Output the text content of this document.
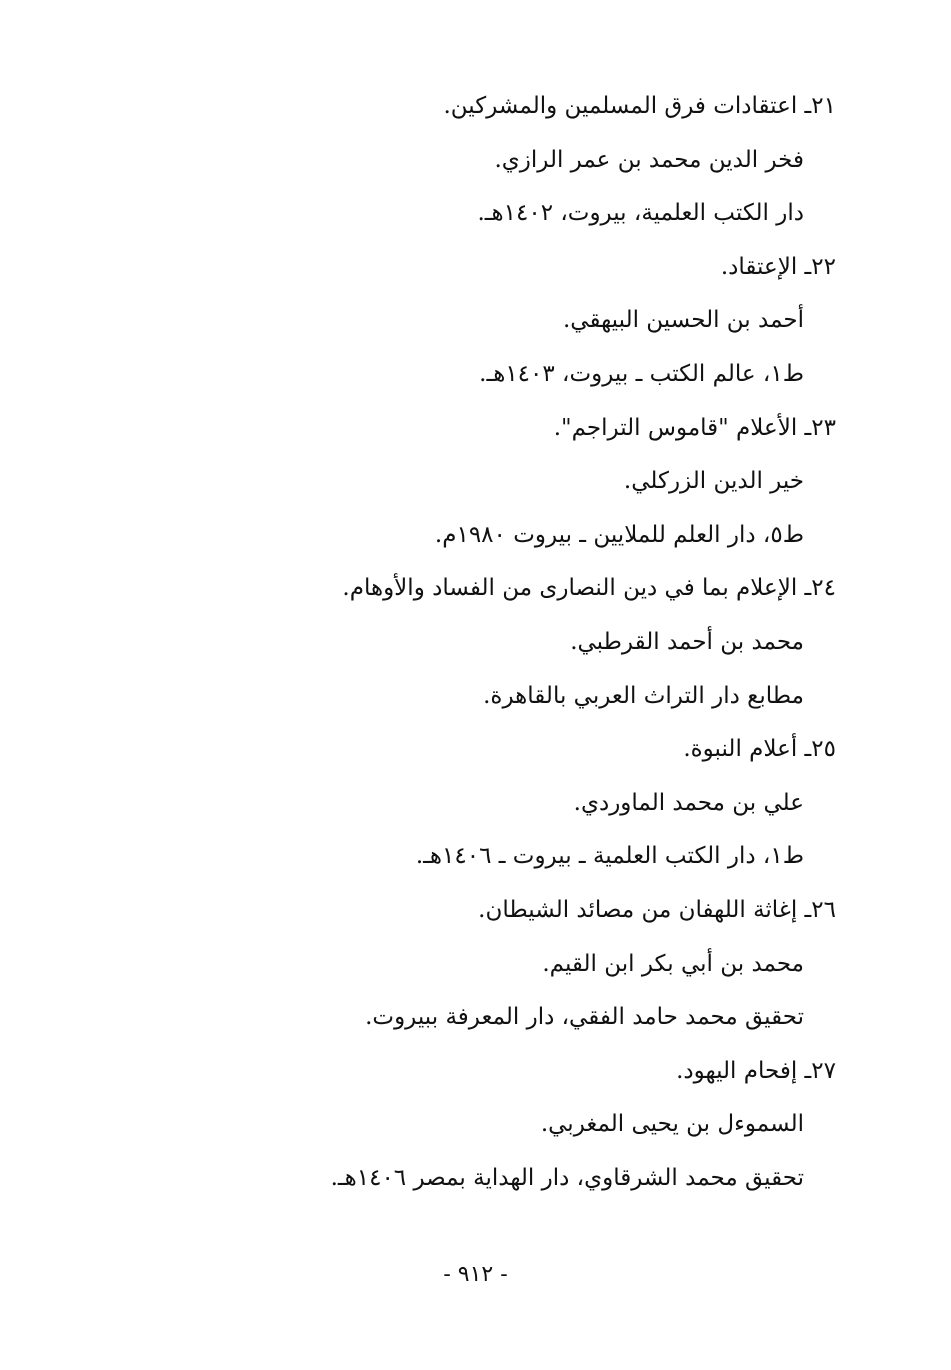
٢١ـ اعتقادات فرق المسلمين والمشركين.
فخر الدين محمد بن عمر الرازي.
دار الكتب العلمية، بيروت، ١٤٠٢هـ.
٢٢ـ الإعتقاد.
أحمد بن الحسين البيهقي.
ط١، عالم الكتب ـ بيروت، ١٤٠٣هـ.
٢٣ـ الأعلام "قاموس التراجم".
خير الدين الزركلي.
ط٥، دار العلم للملايين ـ بيروت ١٩٨٠م.
٢٤ـ الإعلام بما في دين النصارى من الفساد والأوهام.
محمد بن أحمد القرطبي.
مطابع دار التراث العربي بالقاهرة.
٢٥ـ أعلام النبوة.
علي بن محمد الماوردي.
ط١، دار الكتب العلمية ـ بيروت ـ ١٤٠٦هـ.
٢٦ـ إغاثة اللهفان من مصائد الشيطان.
محمد بن أبي بكر ابن القيم.
تحقيق محمد حامد الفقي، دار المعرفة ببيروت.
٢٧ـ إفحام اليهود.
السموءل بن يحيى المغربي.
تحقيق محمد الشرقاوي، دار الهداية بمصر ١٤٠٦هـ.
- ٩١٢ -
